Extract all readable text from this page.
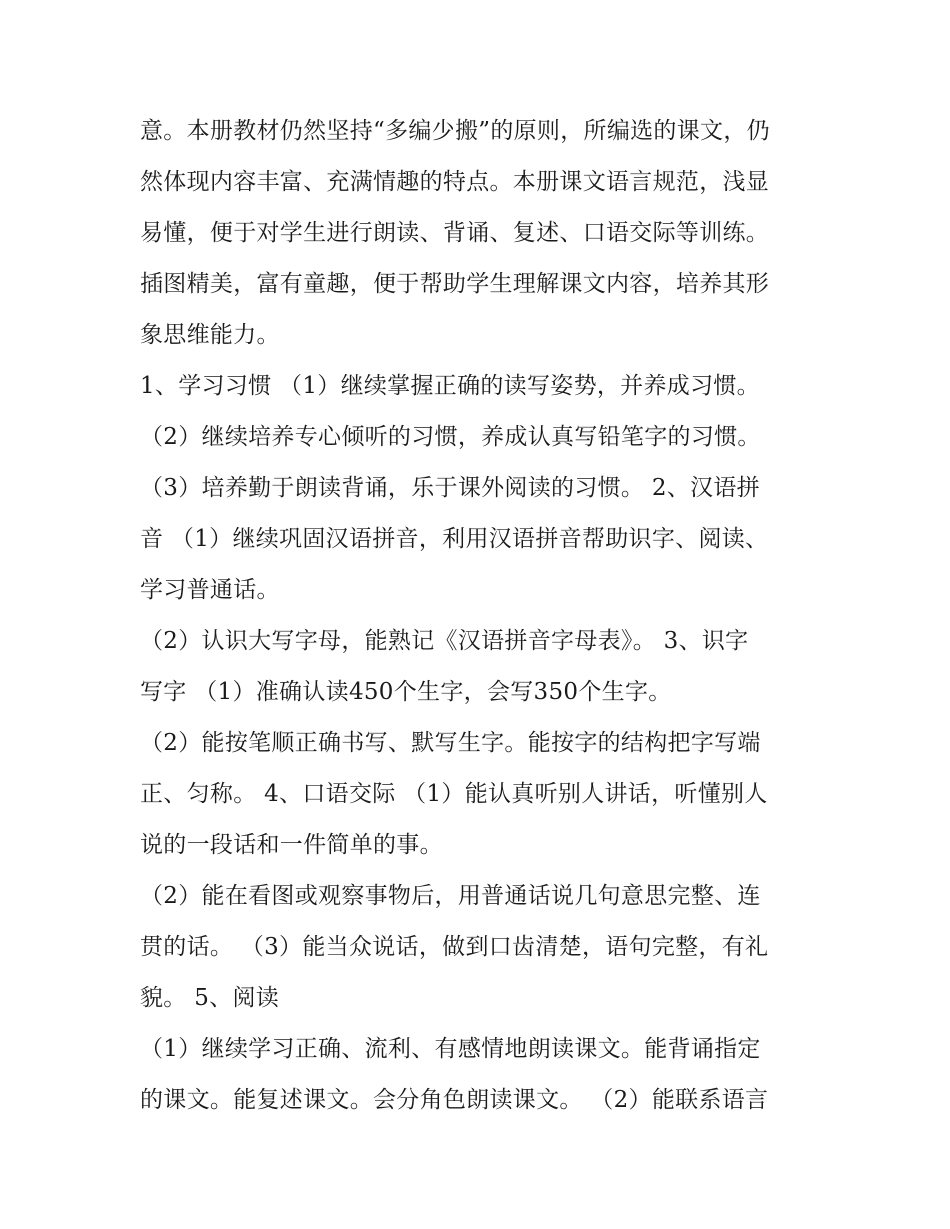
意。本册教材仍然坚持“多编少搬”的原则，所编选的课文，仍
然体现内容丰富、充满情趣的特点。本册课文语言规范，浅显
易懂，便于对学生进行朗读、背诵、复述、口语交际等训练。
插图精美，富有童趣，便于帮助学生理解课文内容，培养其形
象思维能力。
1、学习习惯 （1）继续掌握正确的读写姿势，并养成习惯。
（2）继续培养专心倾听的习惯，养成认真写铅笔字的习惯。
（3）培养勤于朗读背诵，乐于课外阅读的习惯。 2、汉语拼
音 （1）继续巩固汉语拼音，利用汉语拼音帮助识字、阅读、
学习普通话。
（2）认识大写字母，能熟记《汉语拼音字母表》。 3、识字
写字 （1）准确认读450个生字，会写350个生字。
（2）能按笔顺正确书写、默写生字。能按字的结构把字写端
正、匀称。 4、口语交际 （1）能认真听别人讲话，听懂别人
说的一段话和一件简单的事。
（2）能在看图或观察事物后，用普通话说几句意思完整、连
贯的话。 （3）能当众说话，做到口齿清楚，语句完整，有礼
貌。 5、阅读
（1）继续学习正确、流利、有感情地朗读课文。能背诵指定
的课文。能复述课文。会分角色朗读课文。 （2）能联系语言
